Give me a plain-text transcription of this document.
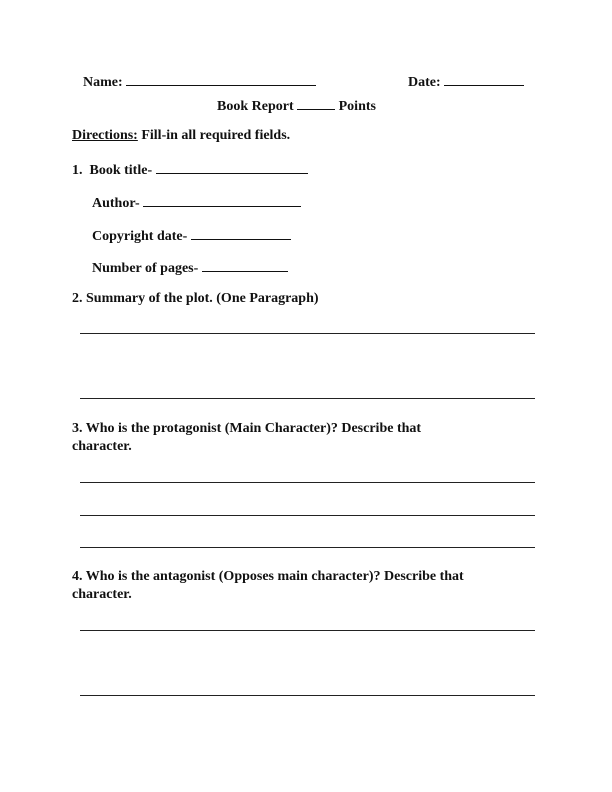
Name:	Date:
Book Report	Points
Directions: Fill-in all required fields.
1. Book title-
Author-
Copyright date-
Number of pages-
2. Summary of the plot. (One Paragraph)
3. Who is the protagonist (Main Character)? Describe that
character.
4. Who is the antagonist (Opposes main character)? Describe that
character.
